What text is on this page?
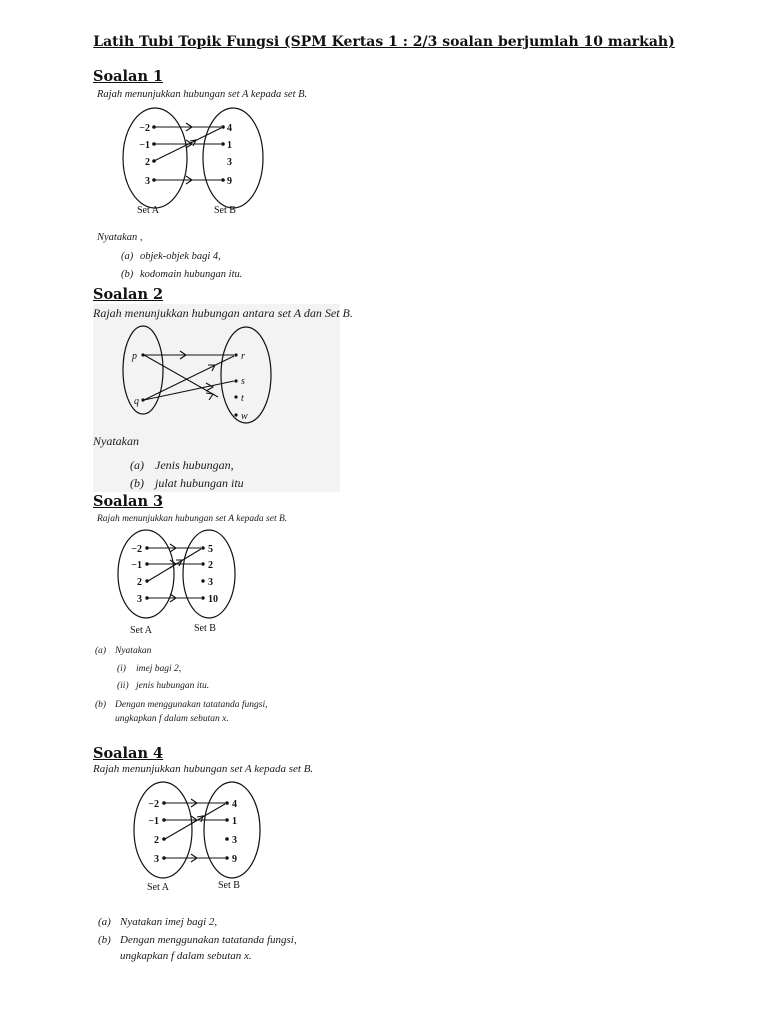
Latih Tubi Topik Fungsi (SPM Kertas 1 : 2/3 soalan berjumlah 10 markah)
Soalan 1
Rajah menunjukkan hubungan set A kepada set B.
−2
−1
2
3
4
1
3
9
Set A	Set B
Nyatakan ,
(a) objek-objek bagi 4,
(b) kodomain hubungan itu.
Soalan 2
Rajah menunjukkan hubungan antara set A dan Set B.
p
q
r
s
t
w
Nyatakan
(a) Jenis hubungan,
(b) julat hubungan itu
Soalan 3
Rajah menunjukkan hubungan set A kepada set B.
−2
−1
2
3
5
2
3
10
Set A	Set B
(a) Nyatakan
(i) imej bagi 2,
(ii) jenis hubungan itu.
(b) Dengan menggunakan tatatanda fungsi,
ungkapkan f dalam sebutan x.
Soalan 4
Rajah menunjukkan hubungan set A kepada set B.
−2
−1
2
3
4
1
3
9
Set A	Set B
(a) Nyatakan imej bagi 2,
(b) Dengan menggunakan tatatanda fungsi,
ungkapkan f dalam sebutan x.
